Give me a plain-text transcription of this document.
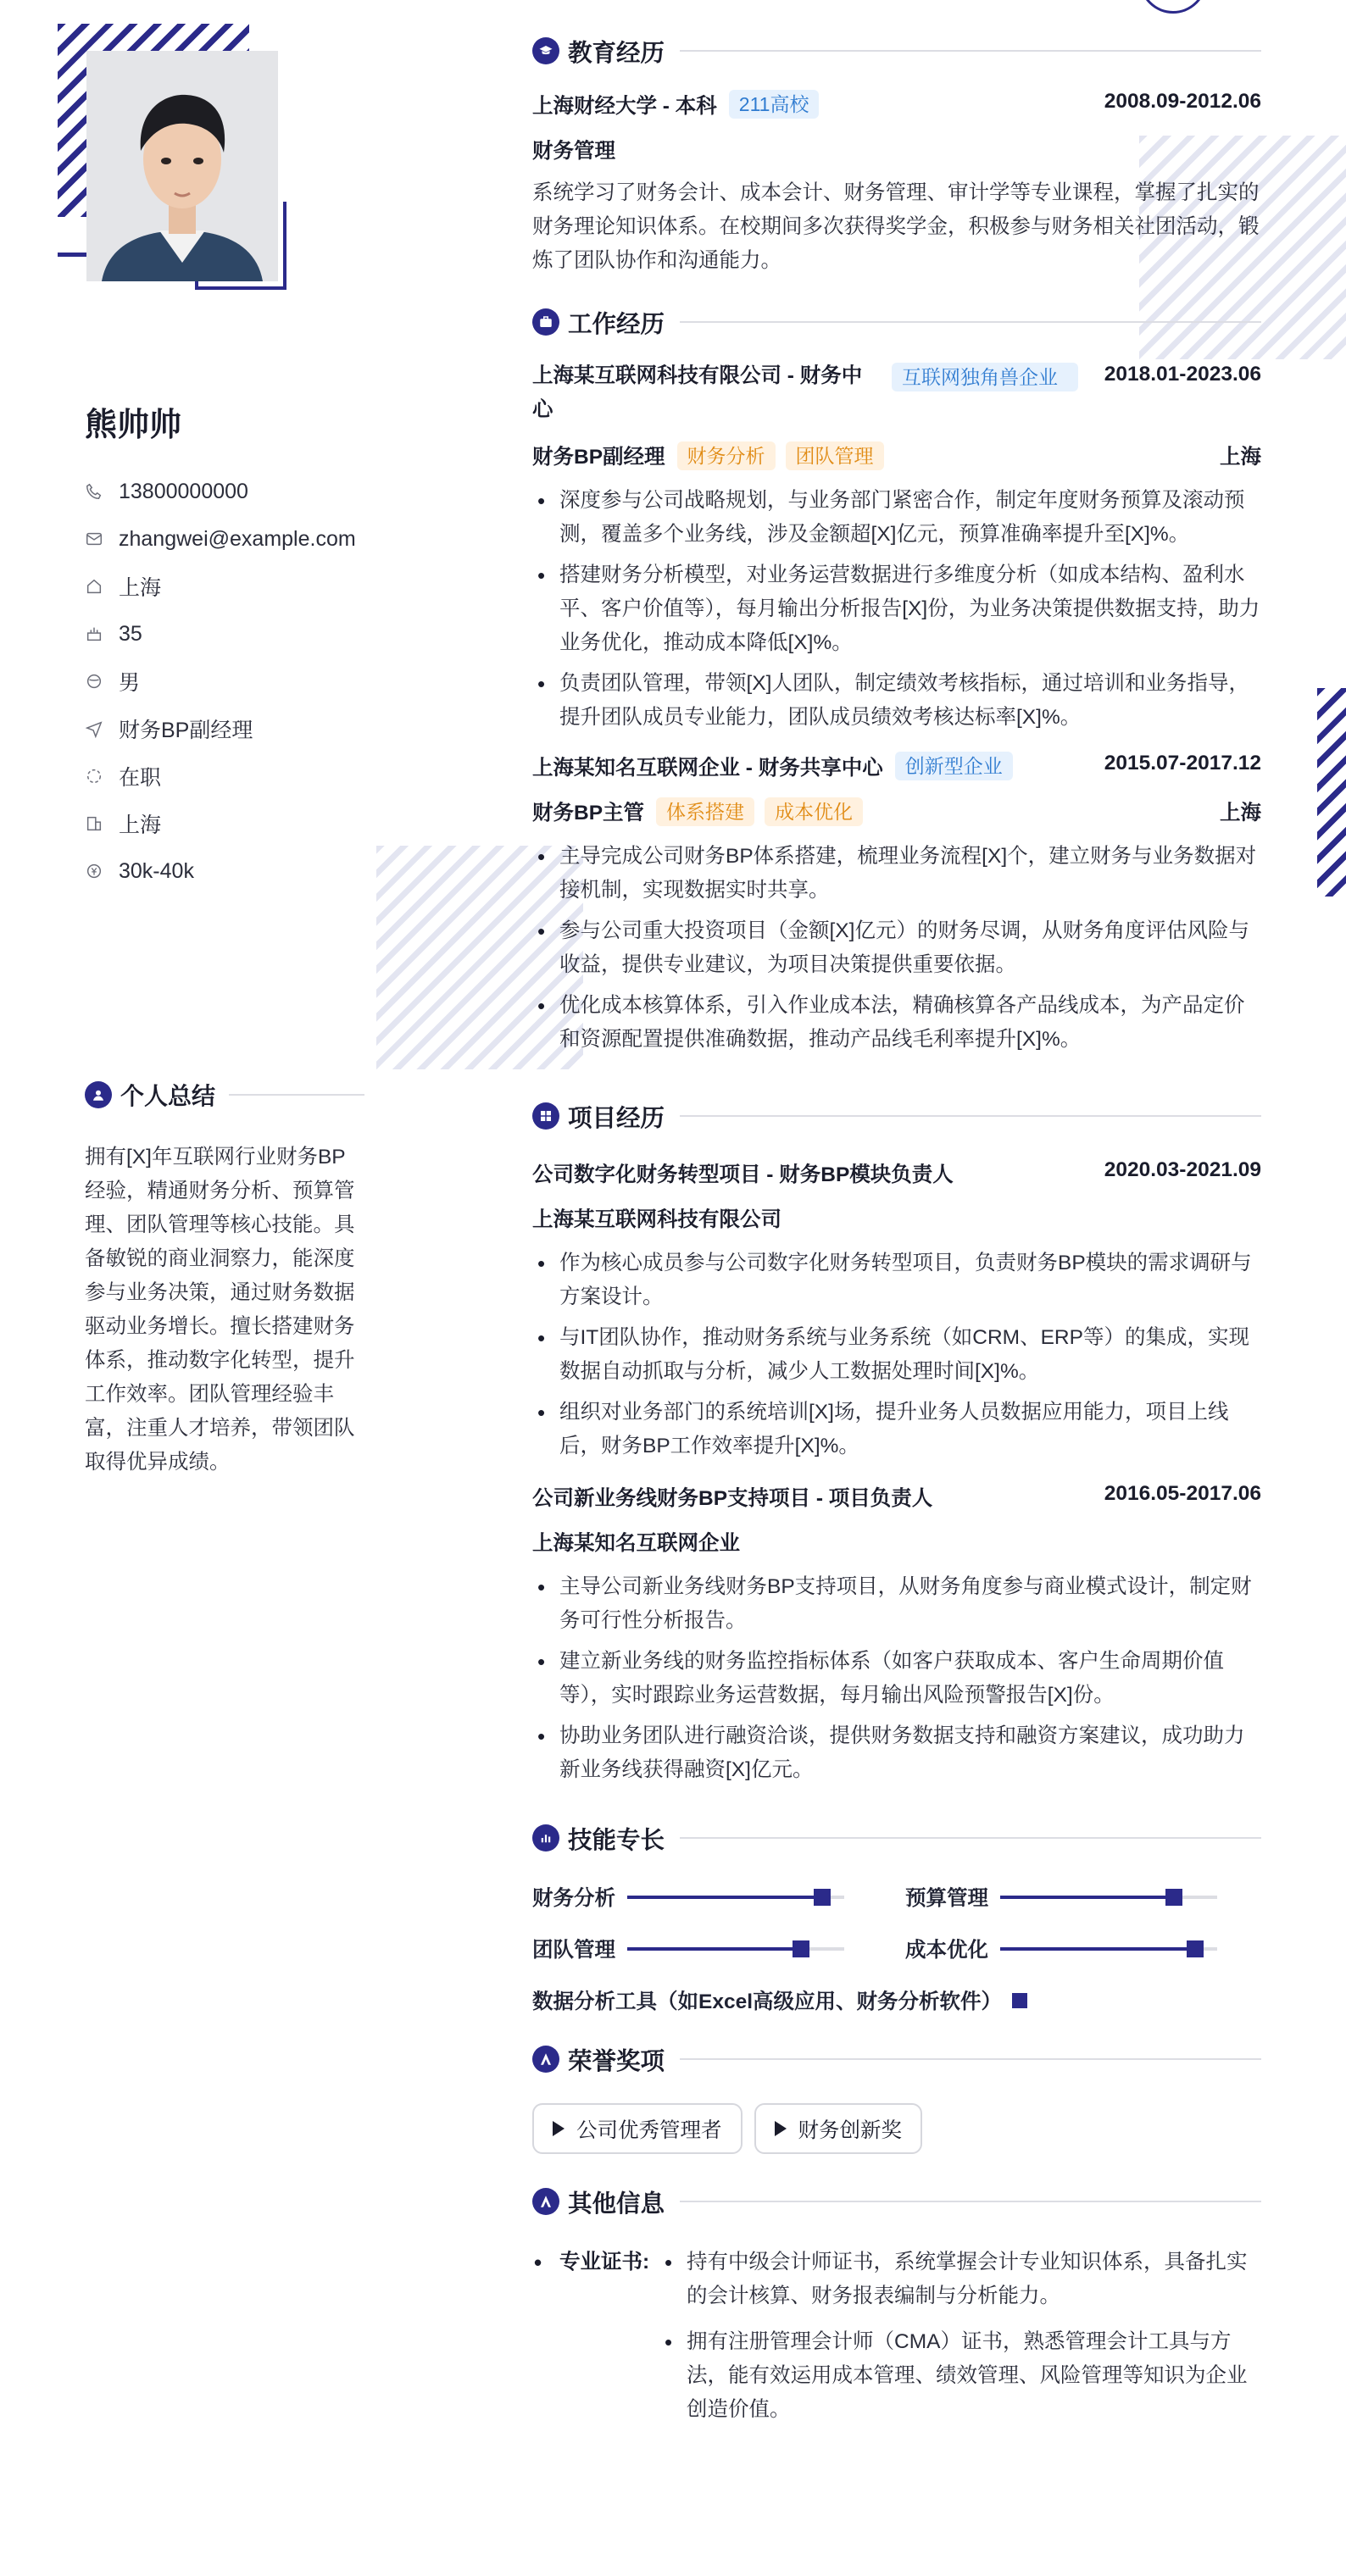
熊帅帅
13800000000
zhangwei@example.com
上海
35
男
财务BP副经理
在职
上海
30k-40k
个人总结
拥有[X]年互联网行业财务BP经验，精通财务分析、预算管理、团队管理等核心技能。具备敏锐的商业洞察力，能深度参与业务决策，通过财务数据驱动业务增长。擅长搭建财务体系，推动数字化转型，提升工作效率。团队管理经验丰富，注重人才培养，带领团队取得优异成绩。
教育经历
上海财经大学 - 本科	211高校	2008.09-2012.06
财务管理
系统学习了财务会计、成本会计、财务管理、审计学等专业课程，掌握了扎实的财务理论知识体系。在校期间多次获得奖学金，积极参与财务相关社团活动，锻炼了团队协作和沟通能力。
工作经历
上海某互联网科技有限公司 - 财务中心
互联网独角兽企业	2018.01-2023.06
财务BP副经理	财务分析	团队管理	上海
• 深度参与公司战略规划，与业务部门紧密合作，制定年度财务预算及滚动预测，覆盖多个业务线，涉及金额超[X]亿元，预算准确率提升至[X]%。
• 搭建财务分析模型，对业务运营数据进行多维度分析（如成本结构、盈利水平、客户价值等），每月输出分析报告[X]份，为业务决策提供数据支持，助力业务优化，推动成本降低[X]%。
• 负责团队管理，带领[X]人团队，制定绩效考核指标，通过培训和业务指导，提升团队成员专业能力，团队成员绩效考核达标率[X]%。
上海某知名互联网企业 - 财务共享中心	创新型企业	2015.07-2017.12
财务BP主管	体系搭建	成本优化	上海
• 主导完成公司财务BP体系搭建，梳理业务流程[X]个，建立财务与业务数据对接机制，实现数据实时共享。
• 参与公司重大投资项目（金额[X]亿元）的财务尽调，从财务角度评估风险与收益，提供专业建议，为项目决策提供重要依据。
• 优化成本核算体系，引入作业成本法，精确核算各产品线成本，为产品定价和资源配置提供准确数据，推动产品线毛利率提升[X]%。
项目经历
公司数字化财务转型项目 - 财务BP模块负责人	2020.03-2021.09
上海某互联网科技有限公司
• 作为核心成员参与公司数字化财务转型项目，负责财务BP模块的需求调研与方案设计。
• 与IT团队协作，推动财务系统与业务系统（如CRM、ERP等）的集成，实现数据自动抓取与分析，减少人工数据处理时间[X]%。
• 组织对业务部门的系统培训[X]场，提升业务人员数据应用能力，项目上线后，财务BP工作效率提升[X]%。
公司新业务线财务BP支持项目 - 项目负责人	2016.05-2017.06
上海某知名互联网企业
• 主导公司新业务线财务BP支持项目，从财务角度参与商业模式设计，制定财务可行性分析报告。
• 建立新业务线的财务监控指标体系（如客户获取成本、客户生命周期价值等），实时跟踪业务运营数据，每月输出风险预警报告[X]份。
• 协助业务团队进行融资洽谈，提供财务数据支持和融资方案建议，成功助力新业务线获得融资[X]亿元。
技能专长
财务分析	预算管理
团队管理	成本优化
数据分析工具（如Excel高级应用、财务分析软件）
荣誉奖项
公司优秀管理者	财务创新奖
其他信息
• 专业证书:
•	持有中级会计师证书，系统掌握会计专业知识体系，具备扎实的会计核算、财务报表编制与分析能力。
• 拥有注册管理会计师（CMA）证书，熟悉管理会计工具与方法，能有效运用成本管理、绩效管理、风险管理等知识为企业创造价值。
